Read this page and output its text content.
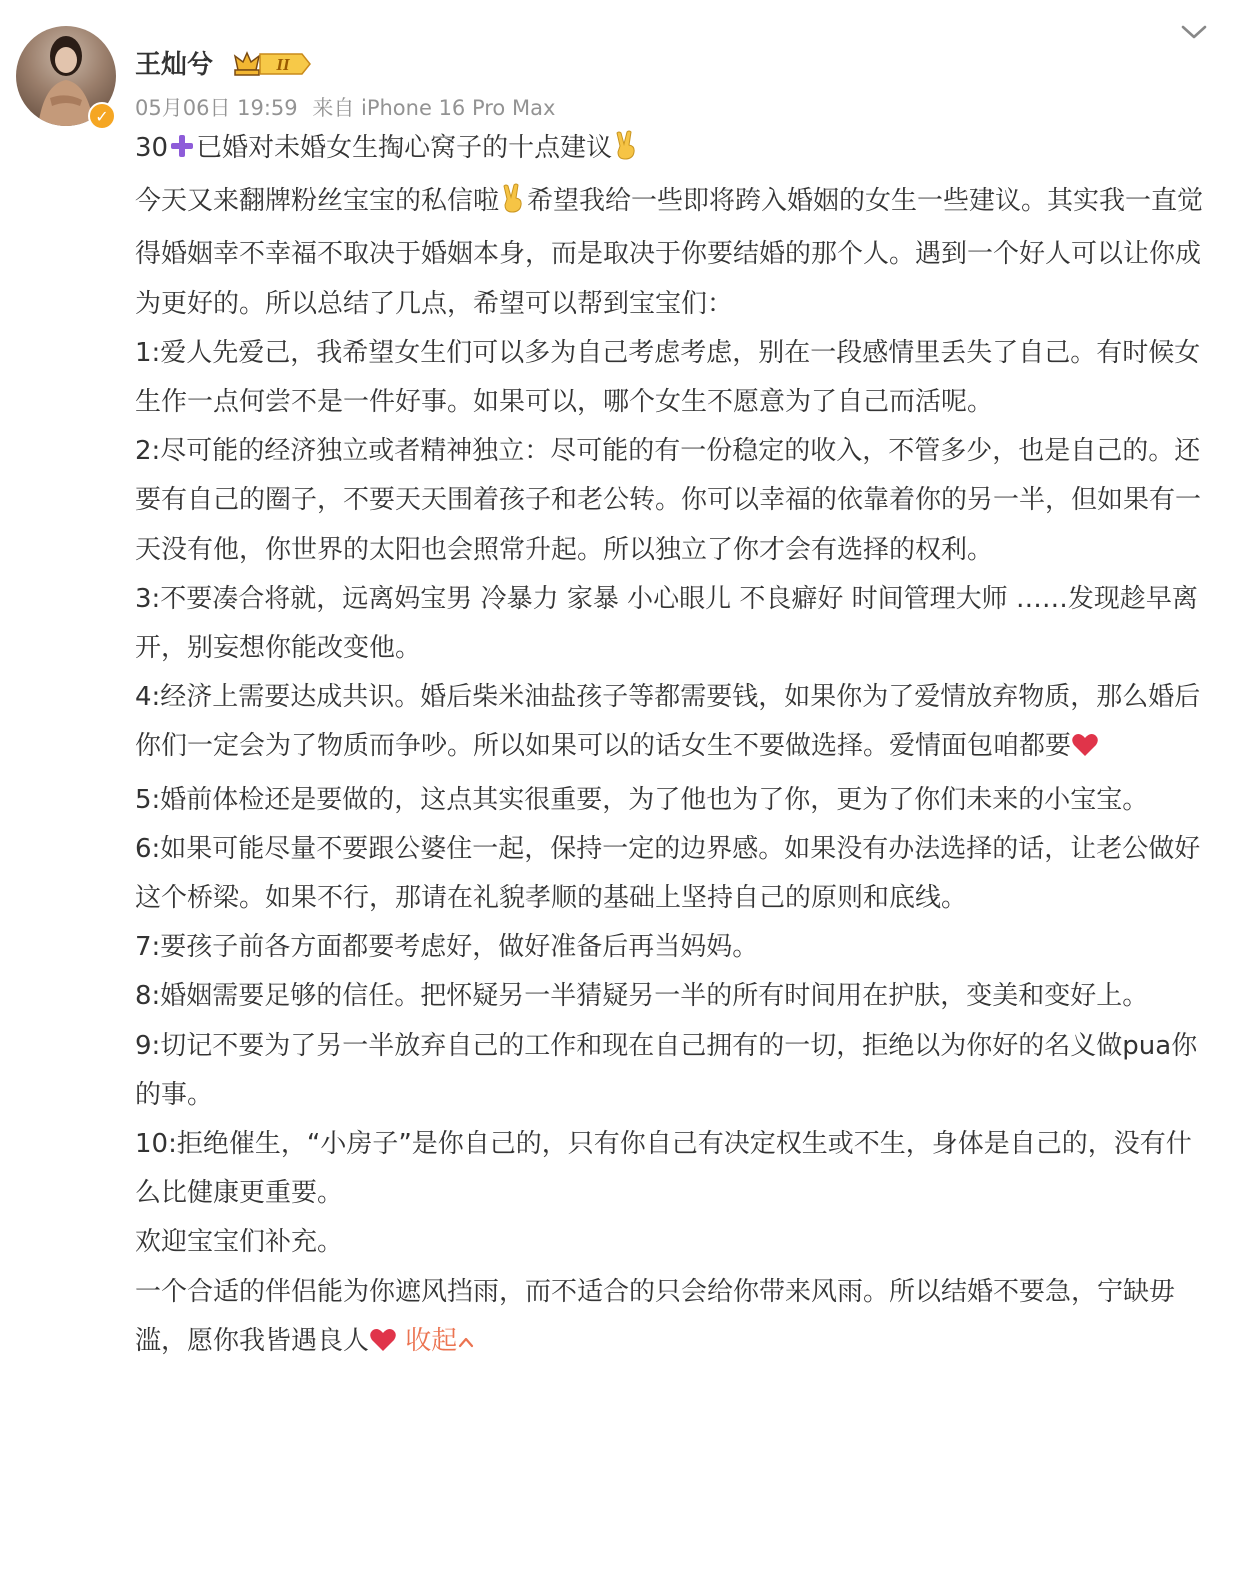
✓
王灿兮	II
05月06日 19:59 来自 iPhone 16 Pro Max

30 已婚对未婚女生掏心窝子的十点建议

今天又来翻牌粉丝宝宝的私信啦 希望我给一些即将跨入婚姻的女生一些建议。其实我一直觉得婚姻幸不幸福不取决于婚姻本身，而是取决于你要结婚的那个人。遇到一个好人可以让你成为更好的。所以总结了几点，希望可以帮到宝宝们：

1:爱人先爱己，我希望女生们可以多为自己考虑考虑，别在一段感情里丢失了自己。有时候女生作一点何尝不是一件好事。如果可以，哪个女生不愿意为了自己而活呢。

2:尽可能的经济独立或者精神独立：尽可能的有一份稳定的收入，不管多少，也是自己的。还要有自己的圈子，不要天天围着孩子和老公转。你可以幸福的依靠着你的另一半，但如果有一天没有他，你世界的太阳也会照常升起。所以独立了你才会有选择的权利。

3:不要凑合将就，远离妈宝男 冷暴力 家暴 小心眼儿 不良癖好 时间管理大师 ……发现趁早离开，别妄想你能改变他。

4:经济上需要达成共识。婚后柴米油盐孩子等都需要钱，如果你为了爱情放弃物质，那么婚后你们一定会为了物质而争吵。所以如果可以的话女生不要做选择。爱情面包咱都要

5:婚前体检还是要做的，这点其实很重要，为了他也为了你，更为了你们未来的小宝宝。

6:如果可能尽量不要跟公婆住一起，保持一定的边界感。如果没有办法选择的话，让老公做好这个桥梁。如果不行，那请在礼貌孝顺的基础上坚持自己的原则和底线。

7:要孩子前各方面都要考虑好，做好准备后再当妈妈。

8:婚姻需要足够的信任。把怀疑另一半猜疑另一半的所有时间用在护肤，变美和变好上。

9:切记不要为了另一半放弃自己的工作和现在自己拥有的一切，拒绝以为你好的名义做pua你的事。

10:拒绝催生，“小房子”是你自己的，只有你自己有决定权生或不生，身体是自己的，没有什么比健康更重要。

欢迎宝宝们补充。

一个合适的伴侣能为你遮风挡雨，而不适合的只会给你带来风雨。所以结婚不要急，宁缺毋滥，愿你我皆遇良人 收起
